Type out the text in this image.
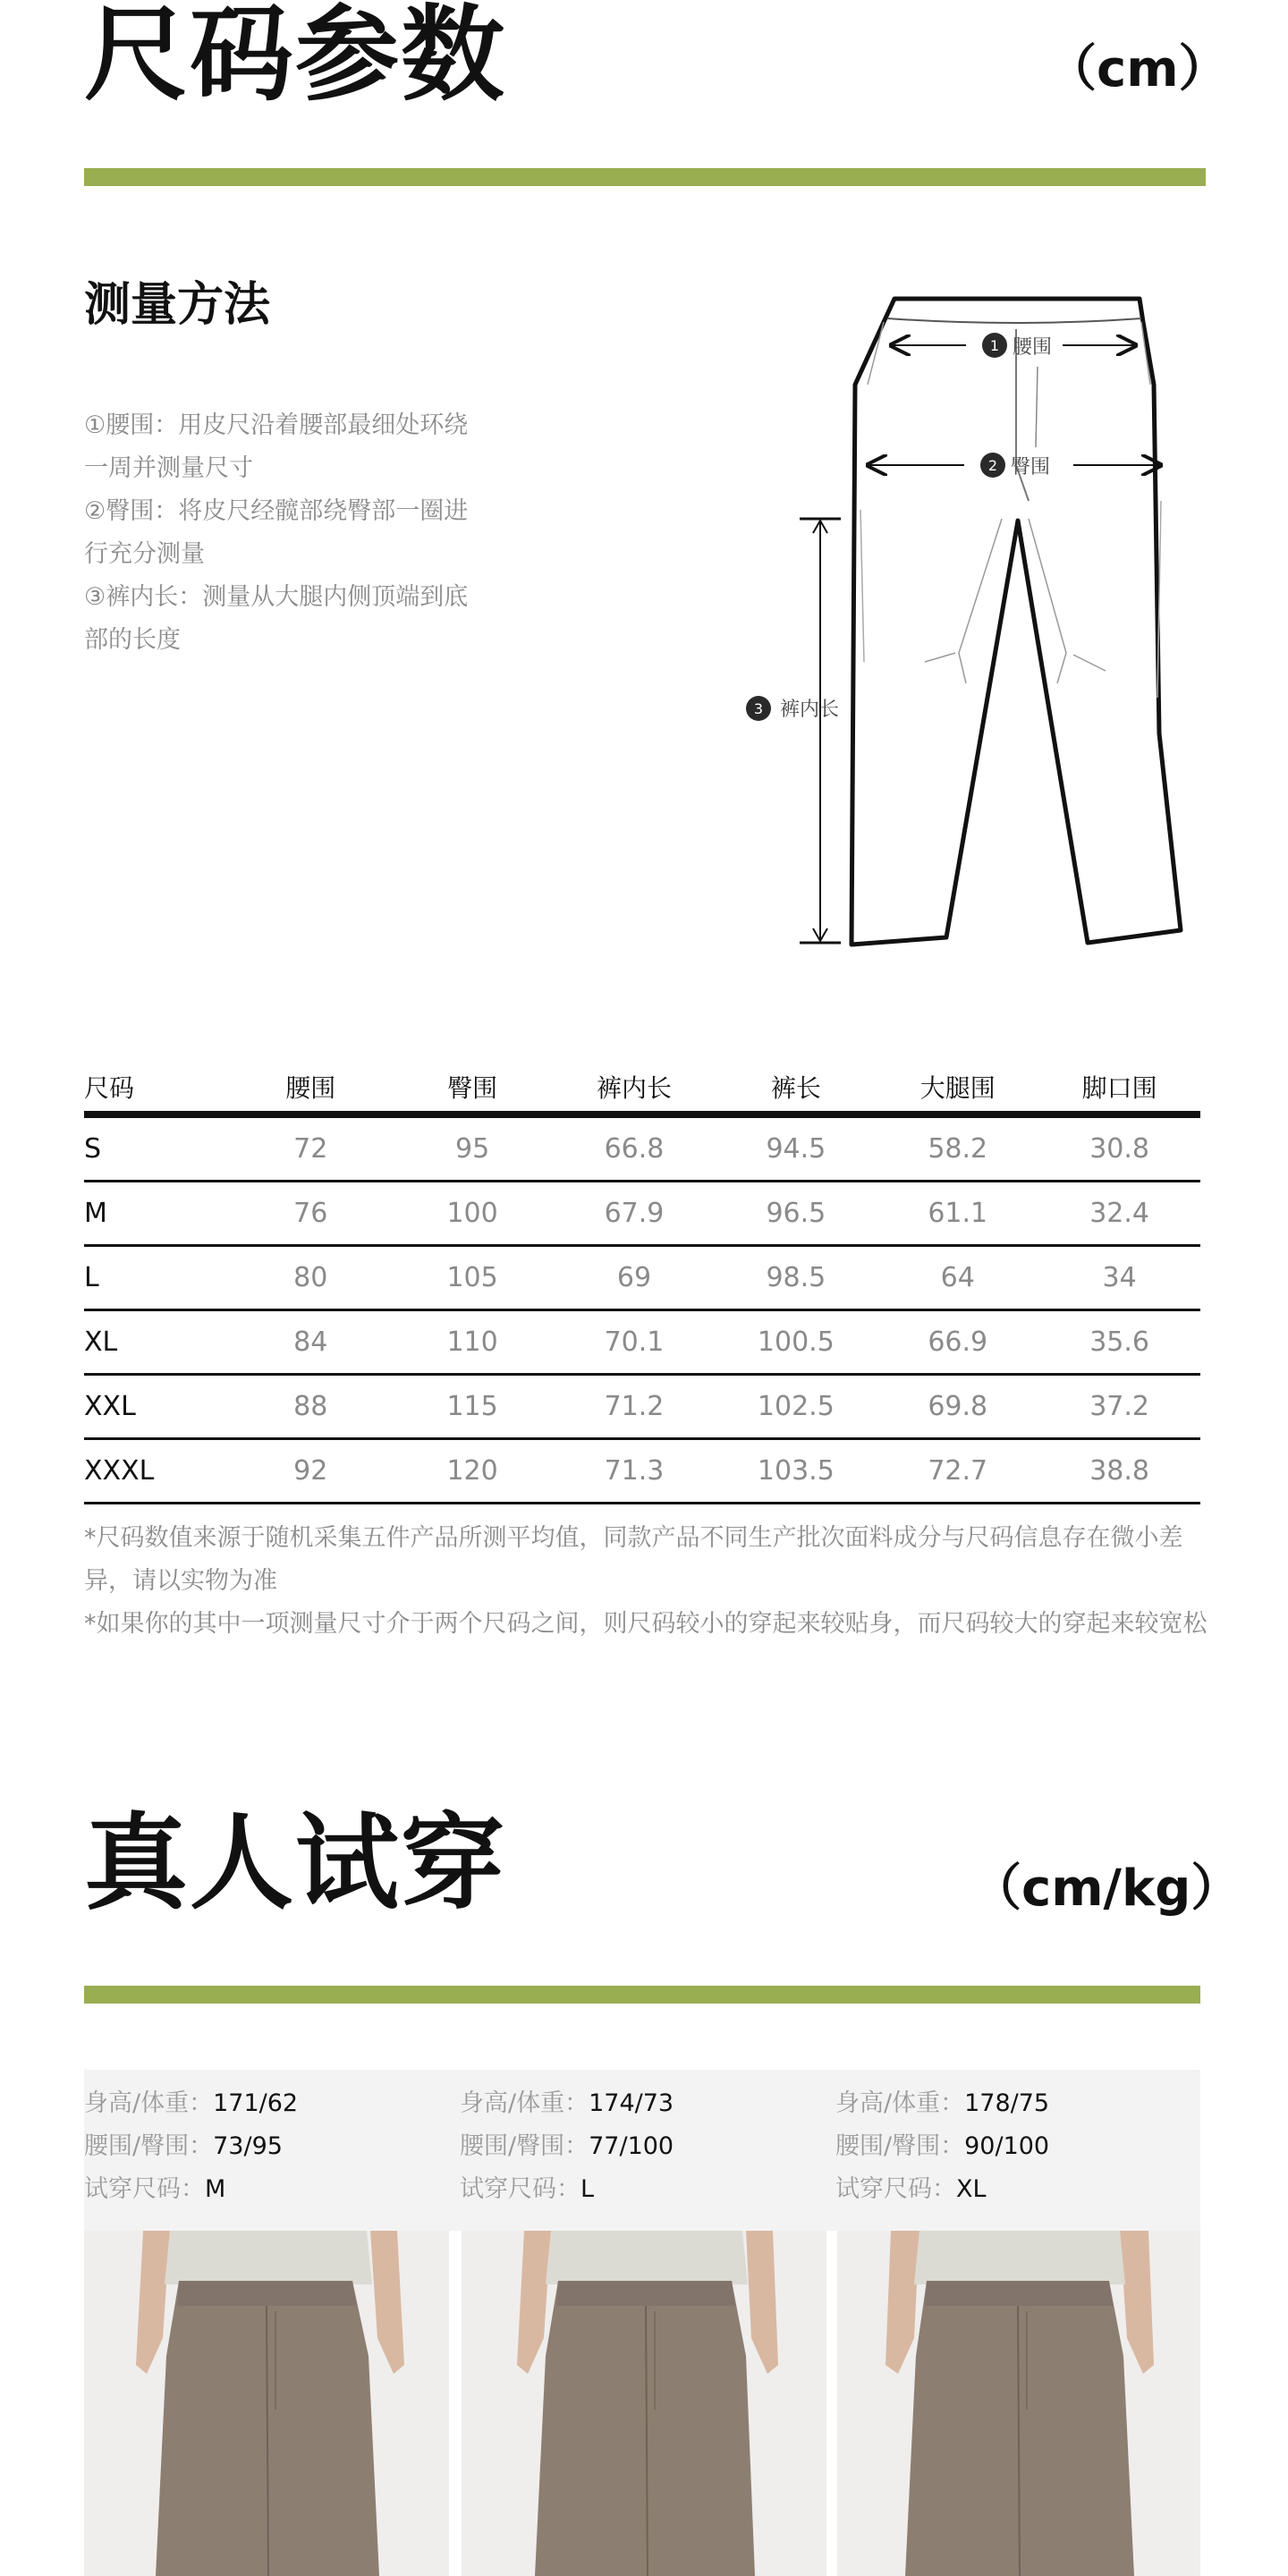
尺码参数	（cm）
测量方法
①腰围：用皮尺沿着腰部最细处环绕
一周并测量尺寸
②臀围：将皮尺经髋部绕臀部一圈进
行充分测量
③裤内长：测量从大腿内侧顶端到底
部的长度
1 腰围
2 臀围
3 裤内长
尺码	腰围	臀围	裤内长	裤长	大腿围	脚口围
S	72	95	66.8	94.5	58.2	30.8
M	76	100	67.9	96.5	61.1	32.4
L	80	105	69	98.5	64	34
XL	84	110	70.1	100.5	66.9	35.6
XXL	88	115	71.2	102.5	69.8	37.2
XXXL	92	120	71.3	103.5	72.7	38.8
*尺码数值来源于随机采集五件产品所测平均值，同款产品不同生产批次面料成分与尺码信息存在微小差
异，请以实物为准
*如果你的其中一项测量尺寸介于两个尺码之间，则尺码较小的穿起来较贴身，而尺码较大的穿起来较宽松
真人试穿	（cm/kg）
身高/体重：171/62
腰围/臀围：73/95
试穿尺码：M
身高/体重：174/73
腰围/臀围：77/100
试穿尺码：L
身高/体重：178/75
腰围/臀围：90/100
试穿尺码：XL
